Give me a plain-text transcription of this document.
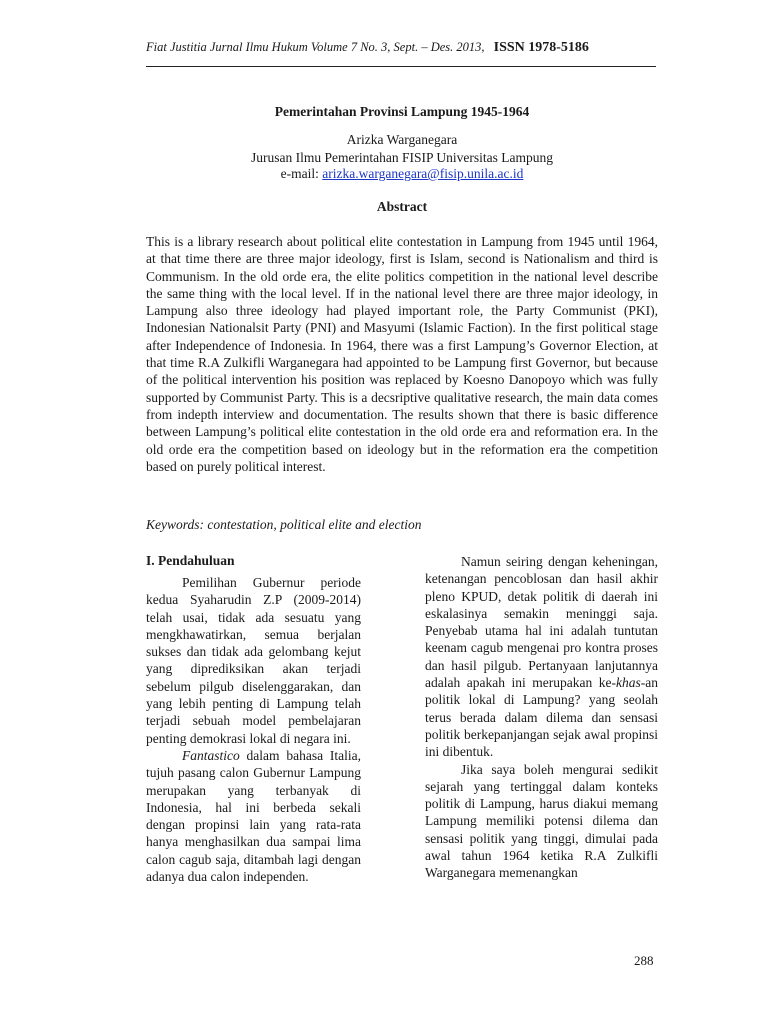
Fiat Justitia Jurnal Ilmu Hukum Volume 7 No. 3, Sept. – Des. 2013, ISSN 1978-5186
Pemerintahan Provinsi Lampung 1945-1964
Arizka Warganegara
Jurusan Ilmu Pemerintahan FISIP Universitas Lampung
e-mail: arizka.warganegara@fisip.unila.ac.id
Abstract

This is a library research about political elite contestation in Lampung from 1945 until 1964, at that time there are three major ideology, first is Islam, second is Nationalism and third is Communism. In the old orde era, the elite politics competition in the national level describe the same thing with the local level. If in the national level there are three major ideology, in Lampung also three ideology had played important role, the Party Communist (PKI), Indonesian Nationalsit Party (PNI) and Masyumi (Islamic Faction). In the first political stage after Independence of Indonesia. In 1964, there was a first Lampung’s Governor Election, at that time R.A Zulkifli Warganegara had appointed to be Lampung first Governor, but because of the political intervention his position was replaced by Koesno Danopoyo which was fully supported by Communist Party. This is a decsriptive qualitative research, the main data comes from indepth interview and documentation. The results shown that there is basic difference between Lampung’s political elite contestation in the old orde era and reformation era. In the old orde era the competition based on ideology but in the reformation era the competition based on purely political interest.

Keywords: contestation, political elite and election

I. Pendahuluan

Pemilihan Gubernur periode kedua Syaharudin Z.P (2009-2014) telah usai, tidak ada sesuatu yang mengkhawatirkan, semua berjalan sukses dan tidak ada gelombang kejut yang diprediksikan akan terjadi sebelum pilgub diselenggarakan, dan yang lebih penting di Lampung telah terjadi sebuah model pembelajaran penting demokrasi lokal di negara ini.

Fantastico dalam bahasa Italia, tujuh pasang calon Gubernur Lampung merupakan yang terbanyak di Indonesia, hal ini berbeda sekali dengan propinsi lain yang rata-rata hanya menghasilkan dua sampai lima calon cagub saja, ditambah lagi dengan adanya dua calon independen.

Namun seiring dengan keheningan, ketenangan pencoblosan dan hasil akhir pleno KPUD, detak politik di daerah ini eskalasinya semakin meninggi saja. Penyebab utama hal ini adalah tuntutan keenam cagub mengenai pro kontra proses dan hasil pilgub. Pertanyaan lanjutannya adalah apakah ini merupakan ke-khas-an politik lokal di Lampung? yang seolah terus berada dalam dilema dan sensasi politik berkepanjangan sejak awal propinsi ini dibentuk.

Jika saya boleh mengurai sedikit sejarah yang tertinggal dalam konteks politik di Lampung, harus diakui memang Lampung memiliki potensi dilema dan sensasi politik yang tinggi, dimulai pada awal tahun 1964 ketika R.A Zulkifli Warganegara memenangkan

288
